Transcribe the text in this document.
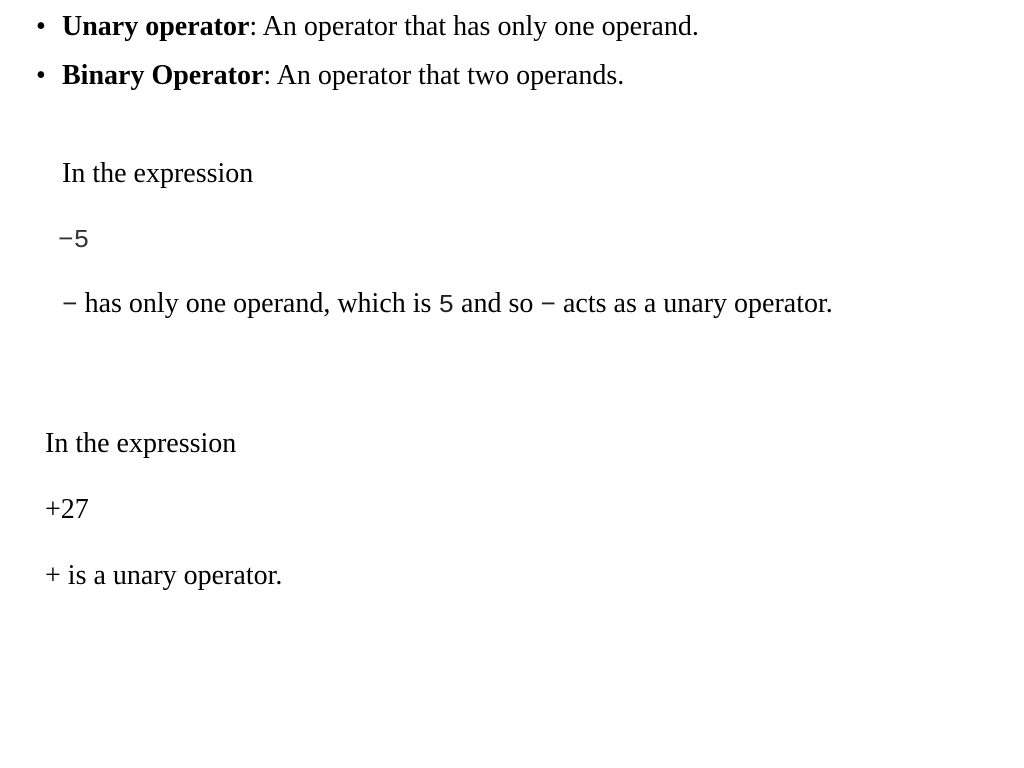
• Unary operator: An operator that has only one operand.
• Binary Operator: An operator that two operands.
In the expression
−5
− has only one operand, which is 5 and so − acts as a unary operator.
In the expression
+27
+ is a unary operator.
